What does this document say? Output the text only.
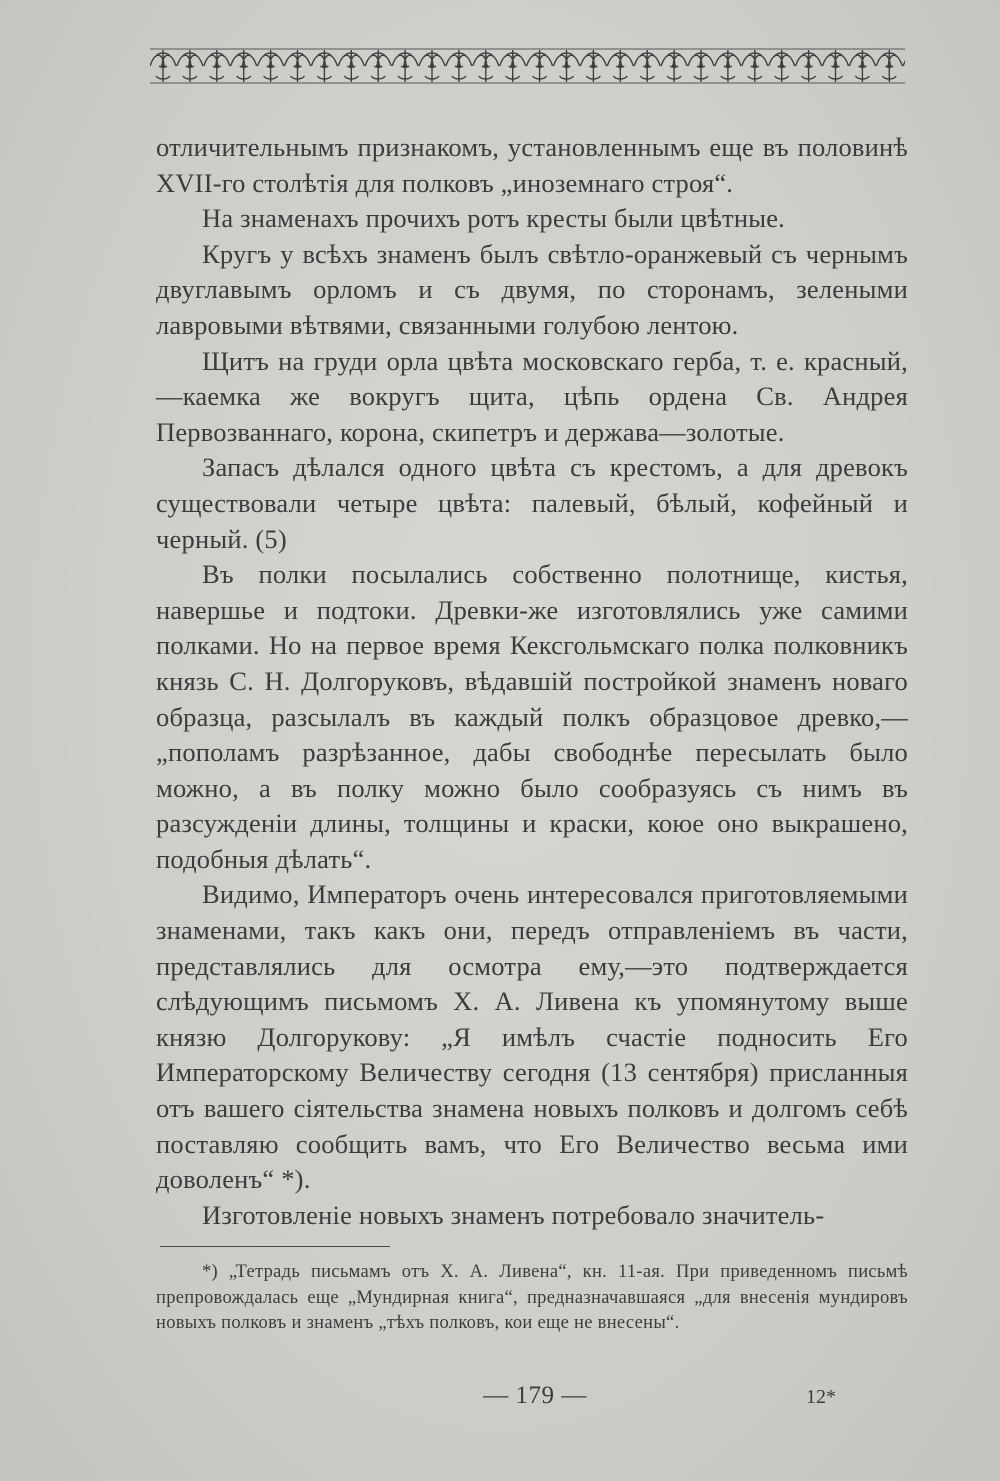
отличительнымъ признакомъ, установленнымъ еще въ половинѣ XVII-го столѣтія для полковъ „иноземнаго строя“.

На знаменахъ прочихъ ротъ кресты были цвѣтные.

Кругъ у всѣхъ знаменъ былъ свѣтло-оранжевый съ чернымъ двуглавымъ орломъ и съ двумя, по сторонамъ, зелеными лавровыми вѣтвями, связанными голубою лентою.

Щитъ на груди орла цвѣта московскаго герба, т. е. красный,—каемка же вокругъ щита, цѣпь ордена Св. Андрея Первозваннаго, корона, скипетръ и держава—золотые.

Запасъ дѣлался одного цвѣта съ крестомъ, а для древокъ существовали четыре цвѣта: палевый, бѣлый, кофейный и черный. (5)

Въ полки посылались собственно полотнище, кистья, навершье и подтоки. Древки-же изготовлялись уже самими полками. Но на первое время Кексгольмскаго полка полковникъ князь С. Н. Долгоруковъ, вѣдавшій постройкой знаменъ новаго образца, разсылалъ въ каждый полкъ образцовое древко,—„пополамъ разрѣзанное, дабы свободнѣе пересылать было можно, а въ полку можно было сообразуясь съ нимъ въ разсужденіи длины, толщины и краски, коюе оно выкрашено, подобныя дѣлать“.

Видимо, Императоръ очень интересовался приготовляемыми знаменами, такъ какъ они, передъ отправленіемъ въ части, представлялись для осмотра ему,—это подтверждается слѣдующимъ письмомъ Х. А. Ливена къ упомянутому выше князю Долгорукову: „Я имѣлъ счастіе подносить Его Императорскому Величеству сегодня (13 сентября) присланныя отъ вашего сіятельства знамена новыхъ полковъ и долгомъ себѣ поставляю сообщить вамъ, что Его Величество весьма ими доволенъ“ *).

Изготовленіе новыхъ знаменъ потребовало значитель-

*) „Тетрадь письмамъ отъ Х. А. Ливена“, кн. 11-ая. При приведенномъ письмѣ препровождалась еще „Мундирная книга“, предназначавшаяся „для внесенія мундировъ новыхъ полковъ и знаменъ „тѣхъ полковъ, кои еще не внесены“.

— 179 —	12*
